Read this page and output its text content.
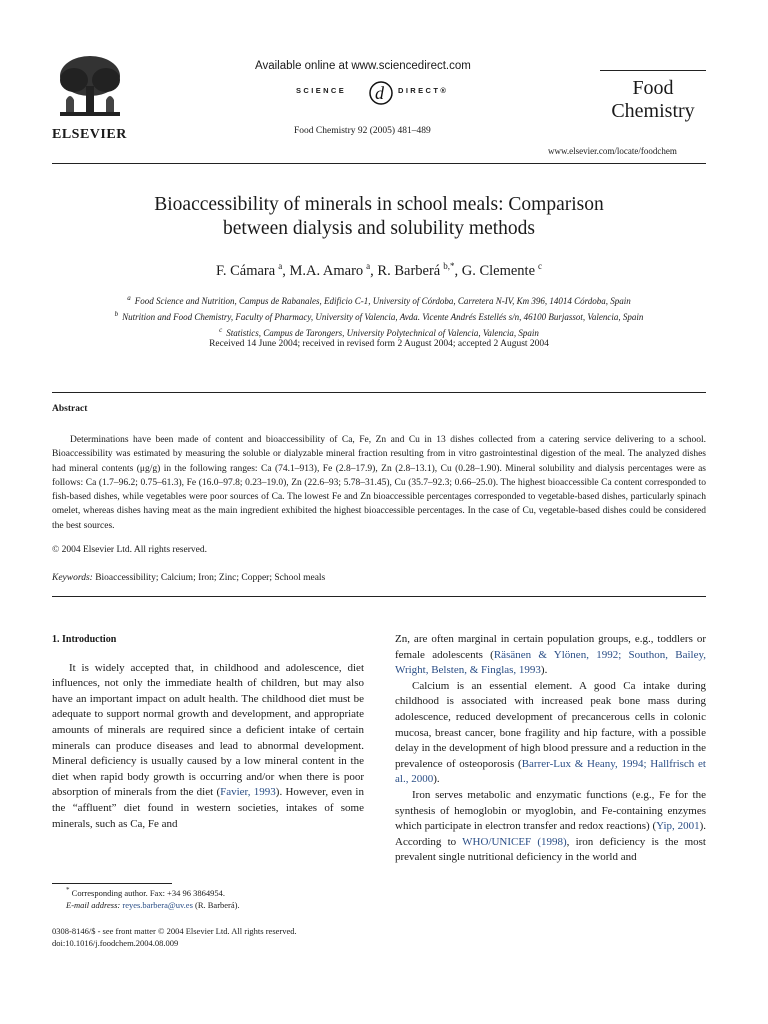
ELSEVIER
Available online at www.sciencedirect.com
SCIENCE d DIRECT®
Food Chemistry 92 (2005) 481–489
Food Chemistry
www.elsevier.com/locate/foodchem
Bioaccessibility of minerals in school meals: Comparison
between dialysis and solubility methods
F. Cámara $^a$, M.A. Amaro $^a$, R. Barberá $^{b,*}$, G. Clemente $^c$
$^a$ Food Science and Nutrition, Campus de Rabanales, Edificio C-1, University of Córdoba, Carretera N-IV, Km 396, 14014 Córdoba, Spain
$^b$ Nutrition and Food Chemistry, Faculty of Pharmacy, University of Valencia, Avda. Vicente Andrés Estellés s/n, 46100 Burjassot, Valencia, Spain
$^c$ Statistics, Campus de Tarongers, University Polytechnical of Valencia, Valencia, Spain
Received 14 June 2004; received in revised form 2 August 2004; accepted 2 August 2004
Abstract

Determinations have been made of content and bioaccessibility of Ca, Fe, Zn and Cu in 13 dishes collected from a catering service delivering to a school. Bioaccessibility was estimated by measuring the soluble or dialyzable mineral fraction resulting from in vitro gastrointestinal digestion of the meal. The analyzed dishes had mineral contents (μg/g) in the following ranges: Ca (74.1–913), Fe (2.8–17.9), Zn (2.8–13.1), Cu (0.28–1.90). Mineral solubility and dialysis percentages were as follows: Ca (1.7–96.2; 0.75–61.3), Fe (16.0–97.8; 0.23–19.0), Zn (22.6–93; 5.78–31.45), Cu (35.7–92.3; 0.66–25.0). The highest bioaccessible Ca content corresponded to fish-based dishes, while vegetables were poor sources of Ca. The lowest Fe and Zn bioaccessible percentages corresponded to vegetable-based dishes, particularly spinach omelet, whereas dishes having meat as the main ingredient exhibited the highest bioaccessible percentages. In the case of Cu, vegetable-based dishes could be considered the best sources.

© 2004 Elsevier Ltd. All rights reserved.
Keywords: Bioaccessibility; Calcium; Iron; Zinc; Copper; School meals

1. Introduction

It is widely accepted that, in childhood and adolescence, diet influences, not only the immediate health of children, but may also have an important impact on adult health. The childhood diet must be adequate to support normal growth and development, and appropriate amounts of minerals are required since a deficient intake of certain minerals can produce diseases and lead to abnormal development. Mineral deficiency is usually caused by a low mineral content in the diet when rapid body growth is occurring and/or when there is poor absorption of minerals from the diet (Favier, 1993). However, even in the “affluent” diet found in western societies, intakes of some minerals, such as Ca, Fe and

Zn, are often marginal in certain population groups, e.g., toddlers or female adolescents (Räsänen & Ylönen, 1992; Southon, Bailey, Wright, Belsten, & Finglas, 1993).

Calcium is an essential element. A good Ca intake during childhood is associated with increased peak bone mass during adolescence, reduced development of precancerous cells in colonic mucosa, breast cancer, bone fragility and hip facture, with a possible delay in the development of high blood pressure and a reduction in the prevalence of osteoporosis (Barrer-Lux & Heany, 1994; Hallfrisch et al., 2000).

Iron serves metabolic and enzymatic functions (e.g., Fe for the synthesis of hemoglobin or myoglobin, and Fe-containing enzymes which participate in electron transfer and redox reactions) (Yip, 2001). According to WHO/UNICEF (1998), iron deficiency is the most prevalent single nutritional deficiency in the world and

* Corresponding author. Fax: +34 96 3864954.
E-mail address: reyes.barbera@uv.es (R. Barberá).
0308-8146/$ - see front matter © 2004 Elsevier Ltd. All rights reserved.
doi:10.1016/j.foodchem.2004.08.009
